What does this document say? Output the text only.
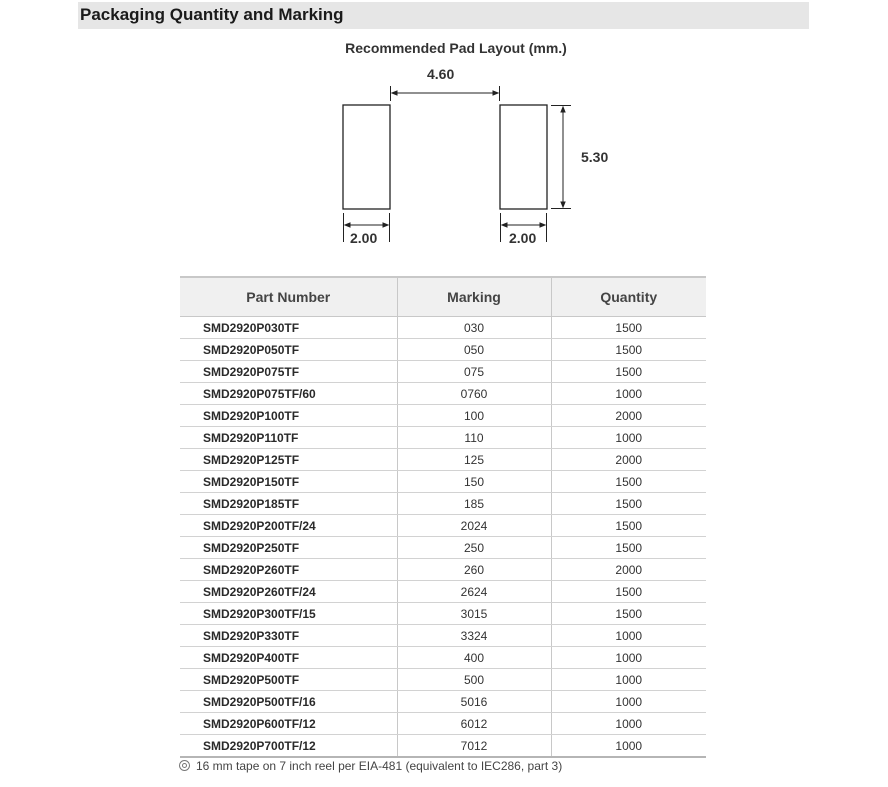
Packaging Quantity and Marking
Recommended Pad Layout (mm.)
4.60
5.30
2.00	2.00
Part Number	Marking	Quantity
SMD2920P030TF	030	1500
SMD2920P050TF	050	1500
SMD2920P075TF	075	1500
SMD2920P075TF/60	0760	1000
SMD2920P100TF	100	2000
SMD2920P110TF	110	1000
SMD2920P125TF	125	2000
SMD2920P150TF	150	1500
SMD2920P185TF	185	1500
SMD2920P200TF/24	2024	1500
SMD2920P250TF	250	1500
SMD2920P260TF	260	2000
SMD2920P260TF/24	2624	1500
SMD2920P300TF/15	3015	1500
SMD2920P330TF	3324	1000
SMD2920P400TF	400	1000
SMD2920P500TF	500	1000
SMD2920P500TF/16	5016	1000
SMD2920P600TF/12	6012	1000
SMD2920P700TF/12	7012	1000
16 mm tape on 7 inch reel per EIA-481 (equivalent to IEC286, part 3)
